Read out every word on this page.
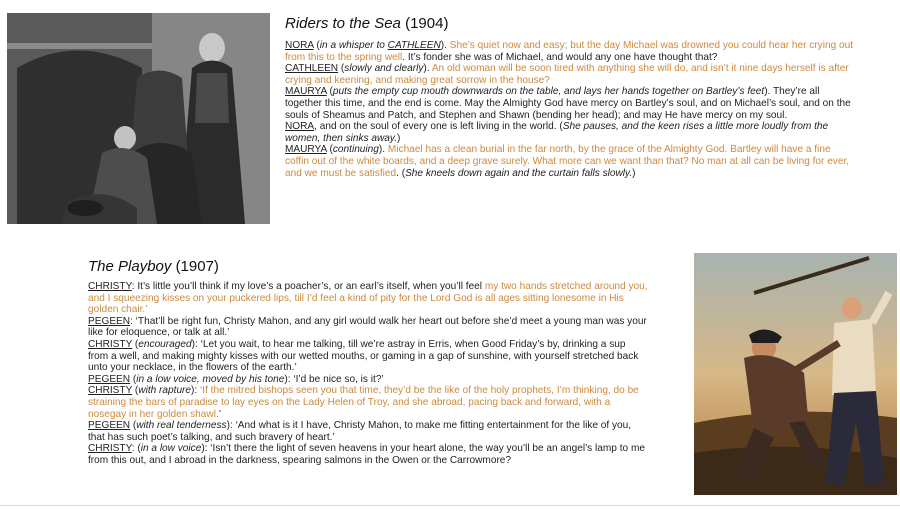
Riders to the Sea (1904)

NORA (in a whisper to CATHLEEN). She’s quiet now and easy; but the day Michael was drowned you could hear her crying out from this to the spring well. It’s fonder she was of Michael, and would any one have thought that?

CATHLEEN (slowly and clearly). An old woman will be soon tired with anything she will do, and isn’t it nine days herself is after crying and keening, and making great sorrow in the house?

MAURYA (puts the empty cup mouth downwards on the table, and lays her hands together on Bartley’s feet). They’re all together this time, and the end is come. May the Almighty God have mercy on Bartley’s soul, and on Michael’s soul, and on the souls of Sheamus and Patch, and Stephen and Shawn (bending her head); and may He have mercy on my soul.

NORA, and on the soul of every one is left living in the world. (She pauses, and the keen rises a little more loudly from the women, then sinks away.)

MAURYA (continuing). Michael has a clean burial in the far north, by the grace of the Almighty God. Bartley will have a fine coffin out of the white boards, and a deep grave surely. What more can we want than that? No man at all can be living for ever, and we must be satisfied. (She kneels down again and the curtain falls slowly.)

The Playboy (1907)

CHRISTY: It’s little you’ll think if my love’s a poacher’s, or an earl’s itself, when you’ll feel my two hands stretched around you, and I squeezing kisses on your puckered lips, till I’d feel a kind of pity for the Lord God is all ages sitting lonesome in His golden chair.’

PEGEEN: ‘That’ll be right fun, Christy Mahon, and any girl would walk her heart out before she’d meet a young man was your like for eloquence, or talk at all.’

CHRISTY (encouraged): ‘Let you wait, to hear me talking, till we’re astray in Erris, when Good Friday’s by, drinking a sup from a well, and making mighty kisses with our wetted mouths, or gaming in a gap of sunshine, with yourself stretched back unto your necklace, in the flowers of the earth.’

PEGEEN (in a low voice, moved by his tone): ‘I’d be nice so, is it?’

CHRISTY (with rapture): ‘If the mitred bishops seen you that time, they’d be the like of the holy prophets, I’m thinking, do be straining the bars of paradise to lay eyes on the Lady Helen of Troy, and she abroad, pacing back and forward, with a nosegay in her golden shawl.’

PEGEEN (with real tenderness): ‘And what is it I have, Christy Mahon, to make me fitting entertainment for the like of you, that has such poet’s talking, and such bravery of heart.’

CHRISTY: (in a low voice): ‘Isn’t there the light of seven heavens in your heart alone, the way you’ll be an angel’s lamp to me from this out, and I abroad in the darkness, spearing salmons in the Owen or the Carrowmore?
